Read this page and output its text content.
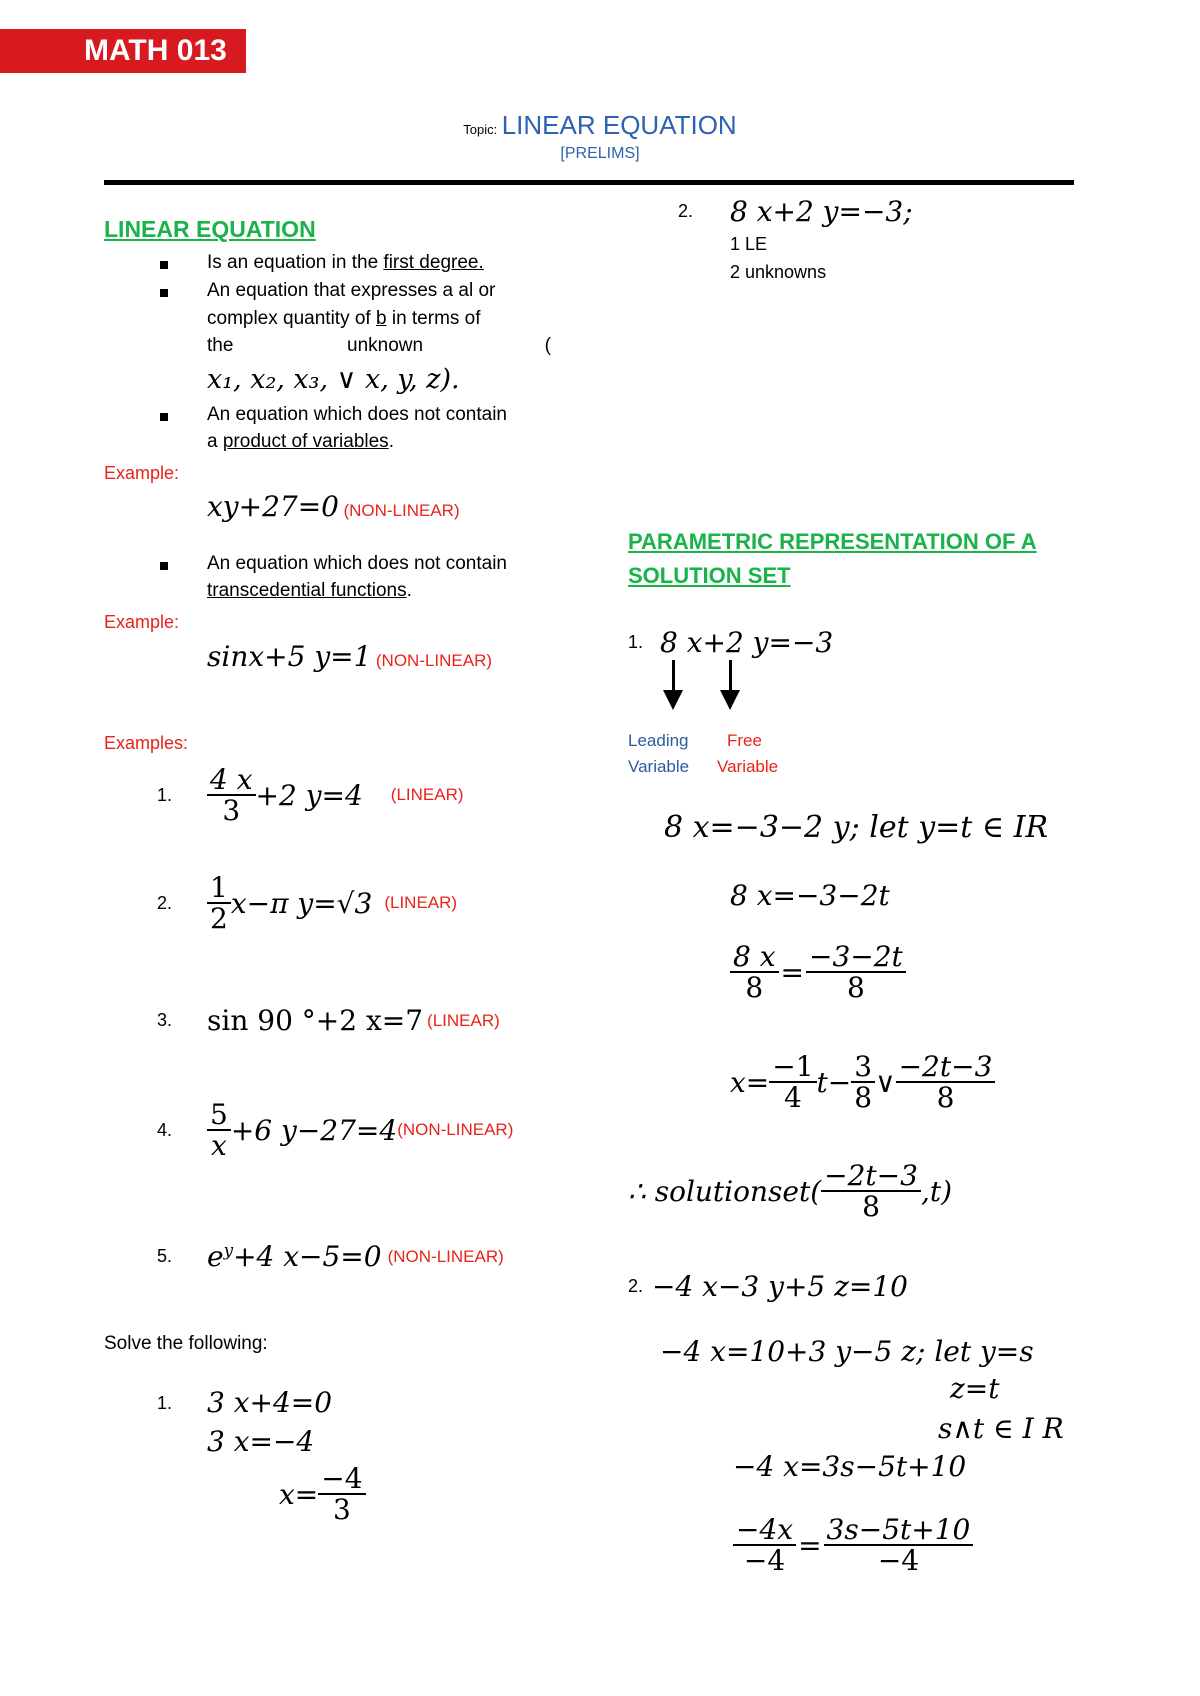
MATH 013
Topic: LINEAR EQUATION
[PRELIMS]
LINEAR EQUATION
Is an equation in the first degree.
An equation that expresses a al or
complex quantity of b in terms of
the	unknown	(
x₁, x₂, x₃, ∨ x, y, z).
An equation which does not contain
a product of variables.
Example:
xy+27=0 (NON-LINEAR)
An equation which does not contain
transcedential functions.
Example:
sinx+5 y=1 (NON-LINEAR)
Examples:
1.	$\frac{4 x}{3} +2$ y=4 (LINEAR)
2.	$\frac{1}{2} x-\pi$ y=√3 (LINEAR)
3.	sin 90 °+2 x=7 (LINEAR)
4.	$\frac{5}{x} +6$ y−27=4 (NON-LINEAR)
5.	$e^y +4$ x−5=0 (NON-LINEAR)
Solve the following:
1. 3 x+4=0
3 x=−4
$x= \frac{-4}{3}$
2.	8 x+2 y=−3;
1 LE
2 unknowns
PARAMETRIC REPRESENTATION OF A
SOLUTION SET
1. 8 x+2 y=−3
Leading
Variable
Free
Variable
8 x=−3−2 y; let y=t ∈ IR
8 x=−3−2t
$\frac{8 x}{8} = \frac{-3-2t}{8}$
$x= \frac{-1}{4} t- \frac{3}{8}$ ∨ $\frac{-2t-3}{8}$
∴ solutionset( $\frac{-2t-3}{8} ,t$)
2. −4 x−3 y+5 z=10
−4 x=10+3 y−5 z; let y=s
z=t
s∧t ∈ I R
−4 x=3s−5t+10
$\frac{-4x}{-4} = \frac{3s-5t+10}{-4}$
